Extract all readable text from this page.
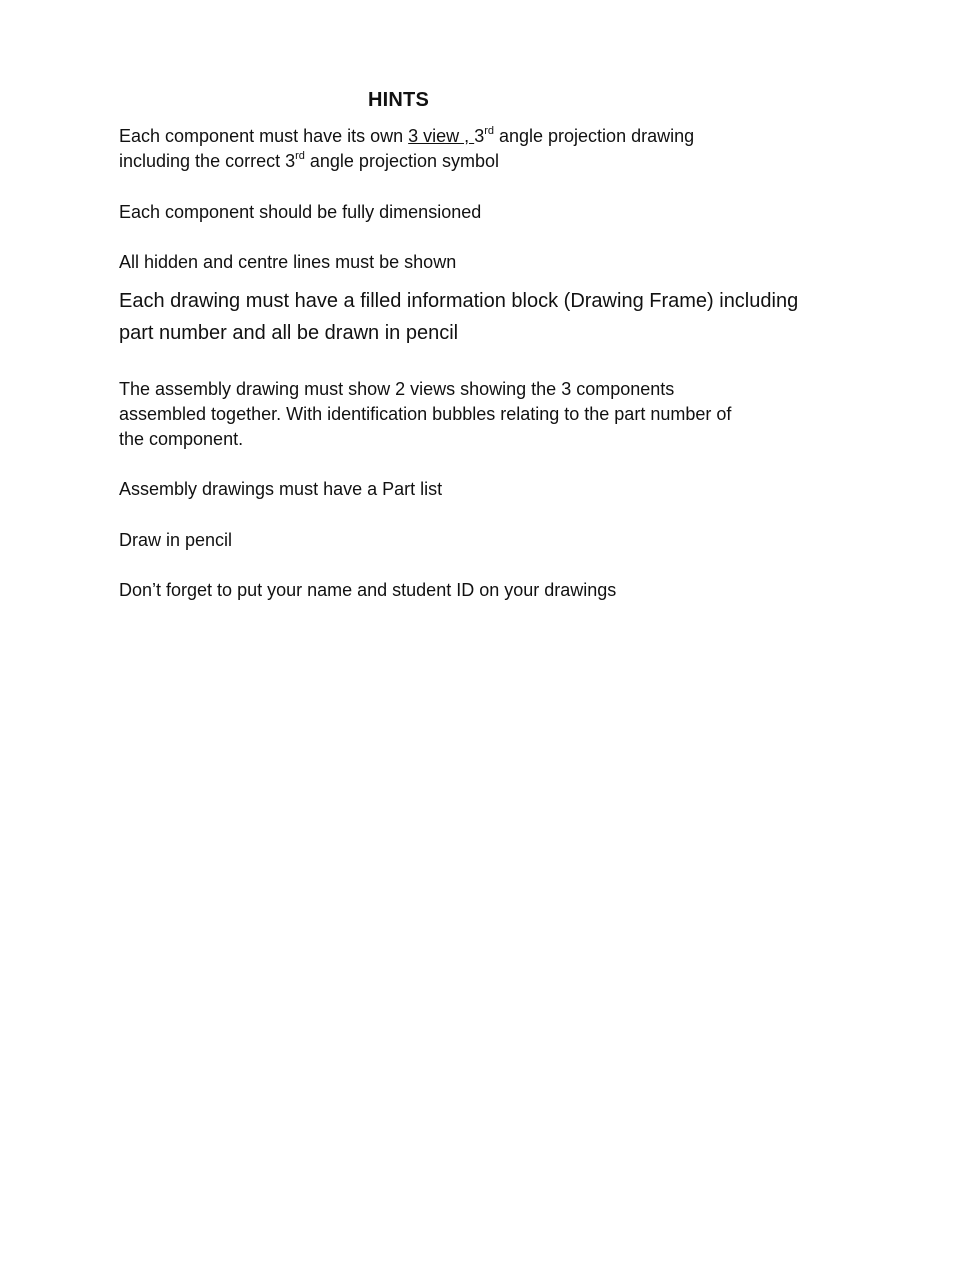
HINTS

Each component must have its own 3 view , 3rd angle projection drawing
including the correct 3rd angle projection symbol

Each component should be fully dimensioned

All hidden and centre lines must be shown

Each drawing must have a filled information block (Drawing Frame) including
part number and all be drawn in pencil

The assembly drawing must show 2 views showing the 3 components
assembled together. With identification bubbles relating to the part number of
the component.

Assembly drawings must have a Part list

Draw in pencil

Don’t forget to put your name and student ID on your drawings
